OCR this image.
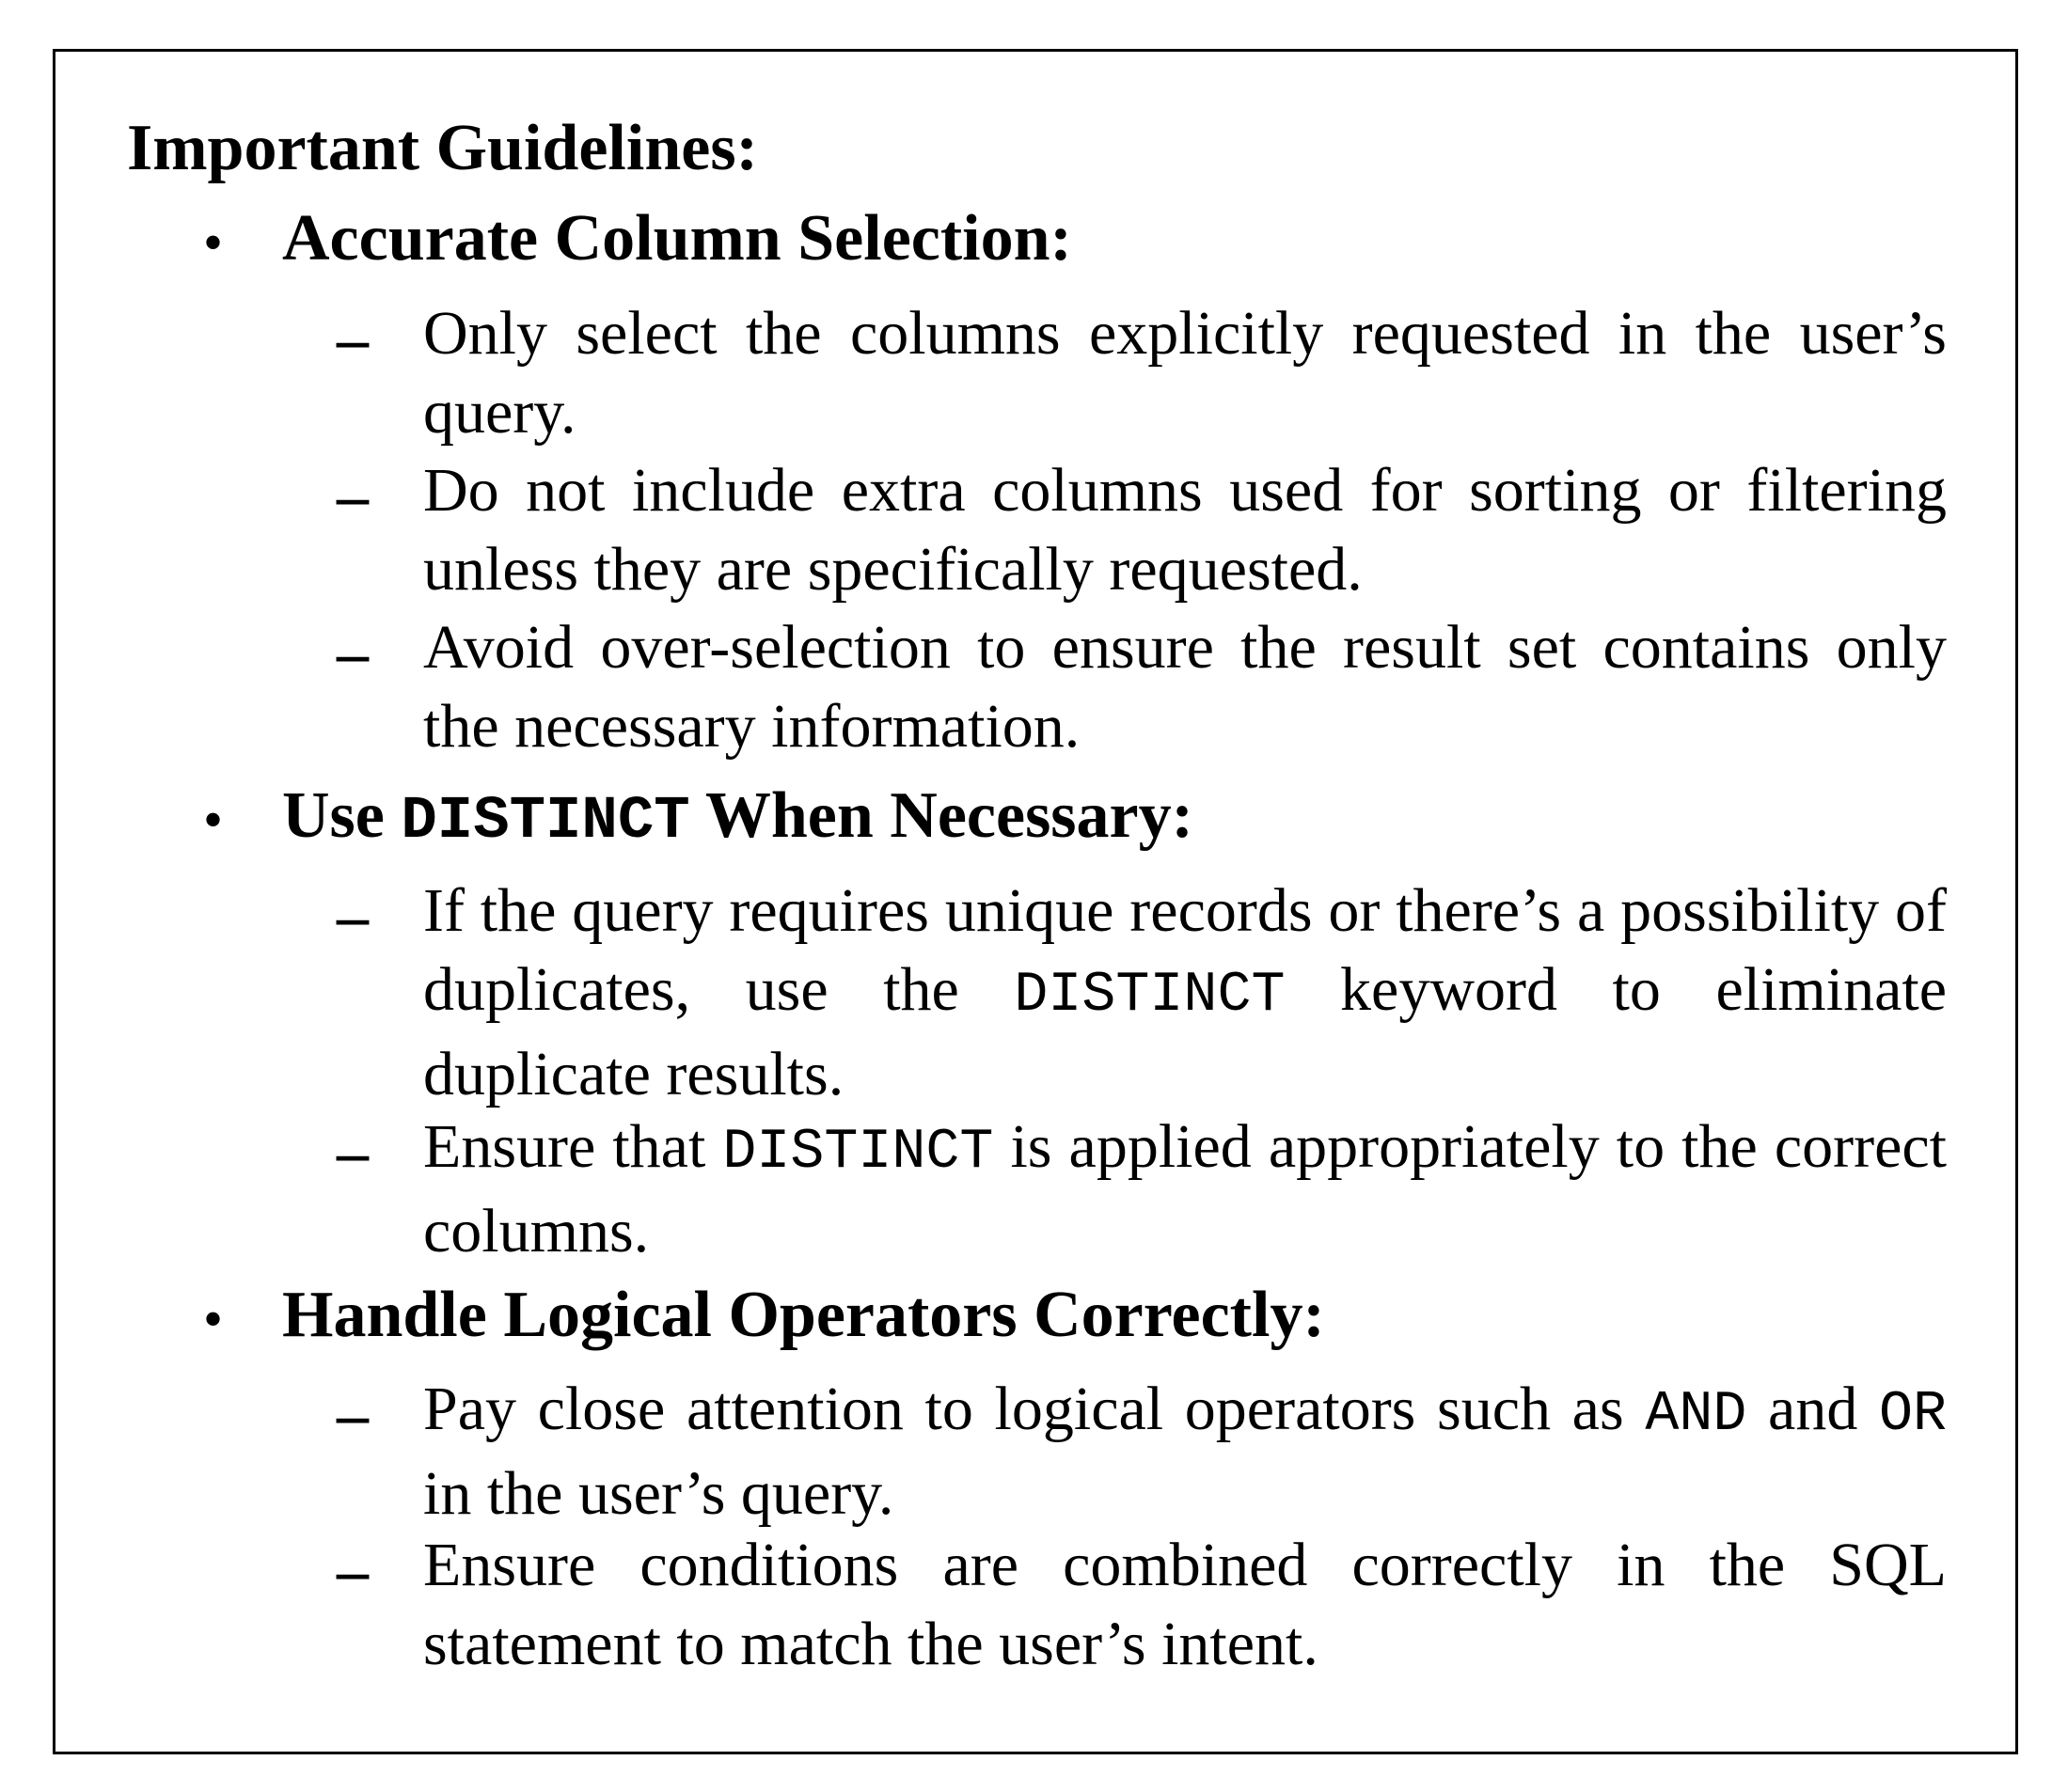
Important Guidelines:
• Accurate Column Selection:
– Only select the columns explicitly requested in the user’s query.
– Do not include extra columns used for sorting or filtering unless they are specifically requested.
– Avoid over-selection to ensure the result set contains only the necessary information.
• Use DISTINCT When Necessary:
– If the query requires unique records or there’s a possibility of duplicates, use the DISTINCT keyword to eliminate duplicate results.
– Ensure that DISTINCT is applied appropriately to the correct columns.
• Handle Logical Operators Correctly:
– Pay close attention to logical operators such as AND and OR in the user’s query.
– Ensure conditions are combined correctly in the SQL statement to match the user’s intent.
